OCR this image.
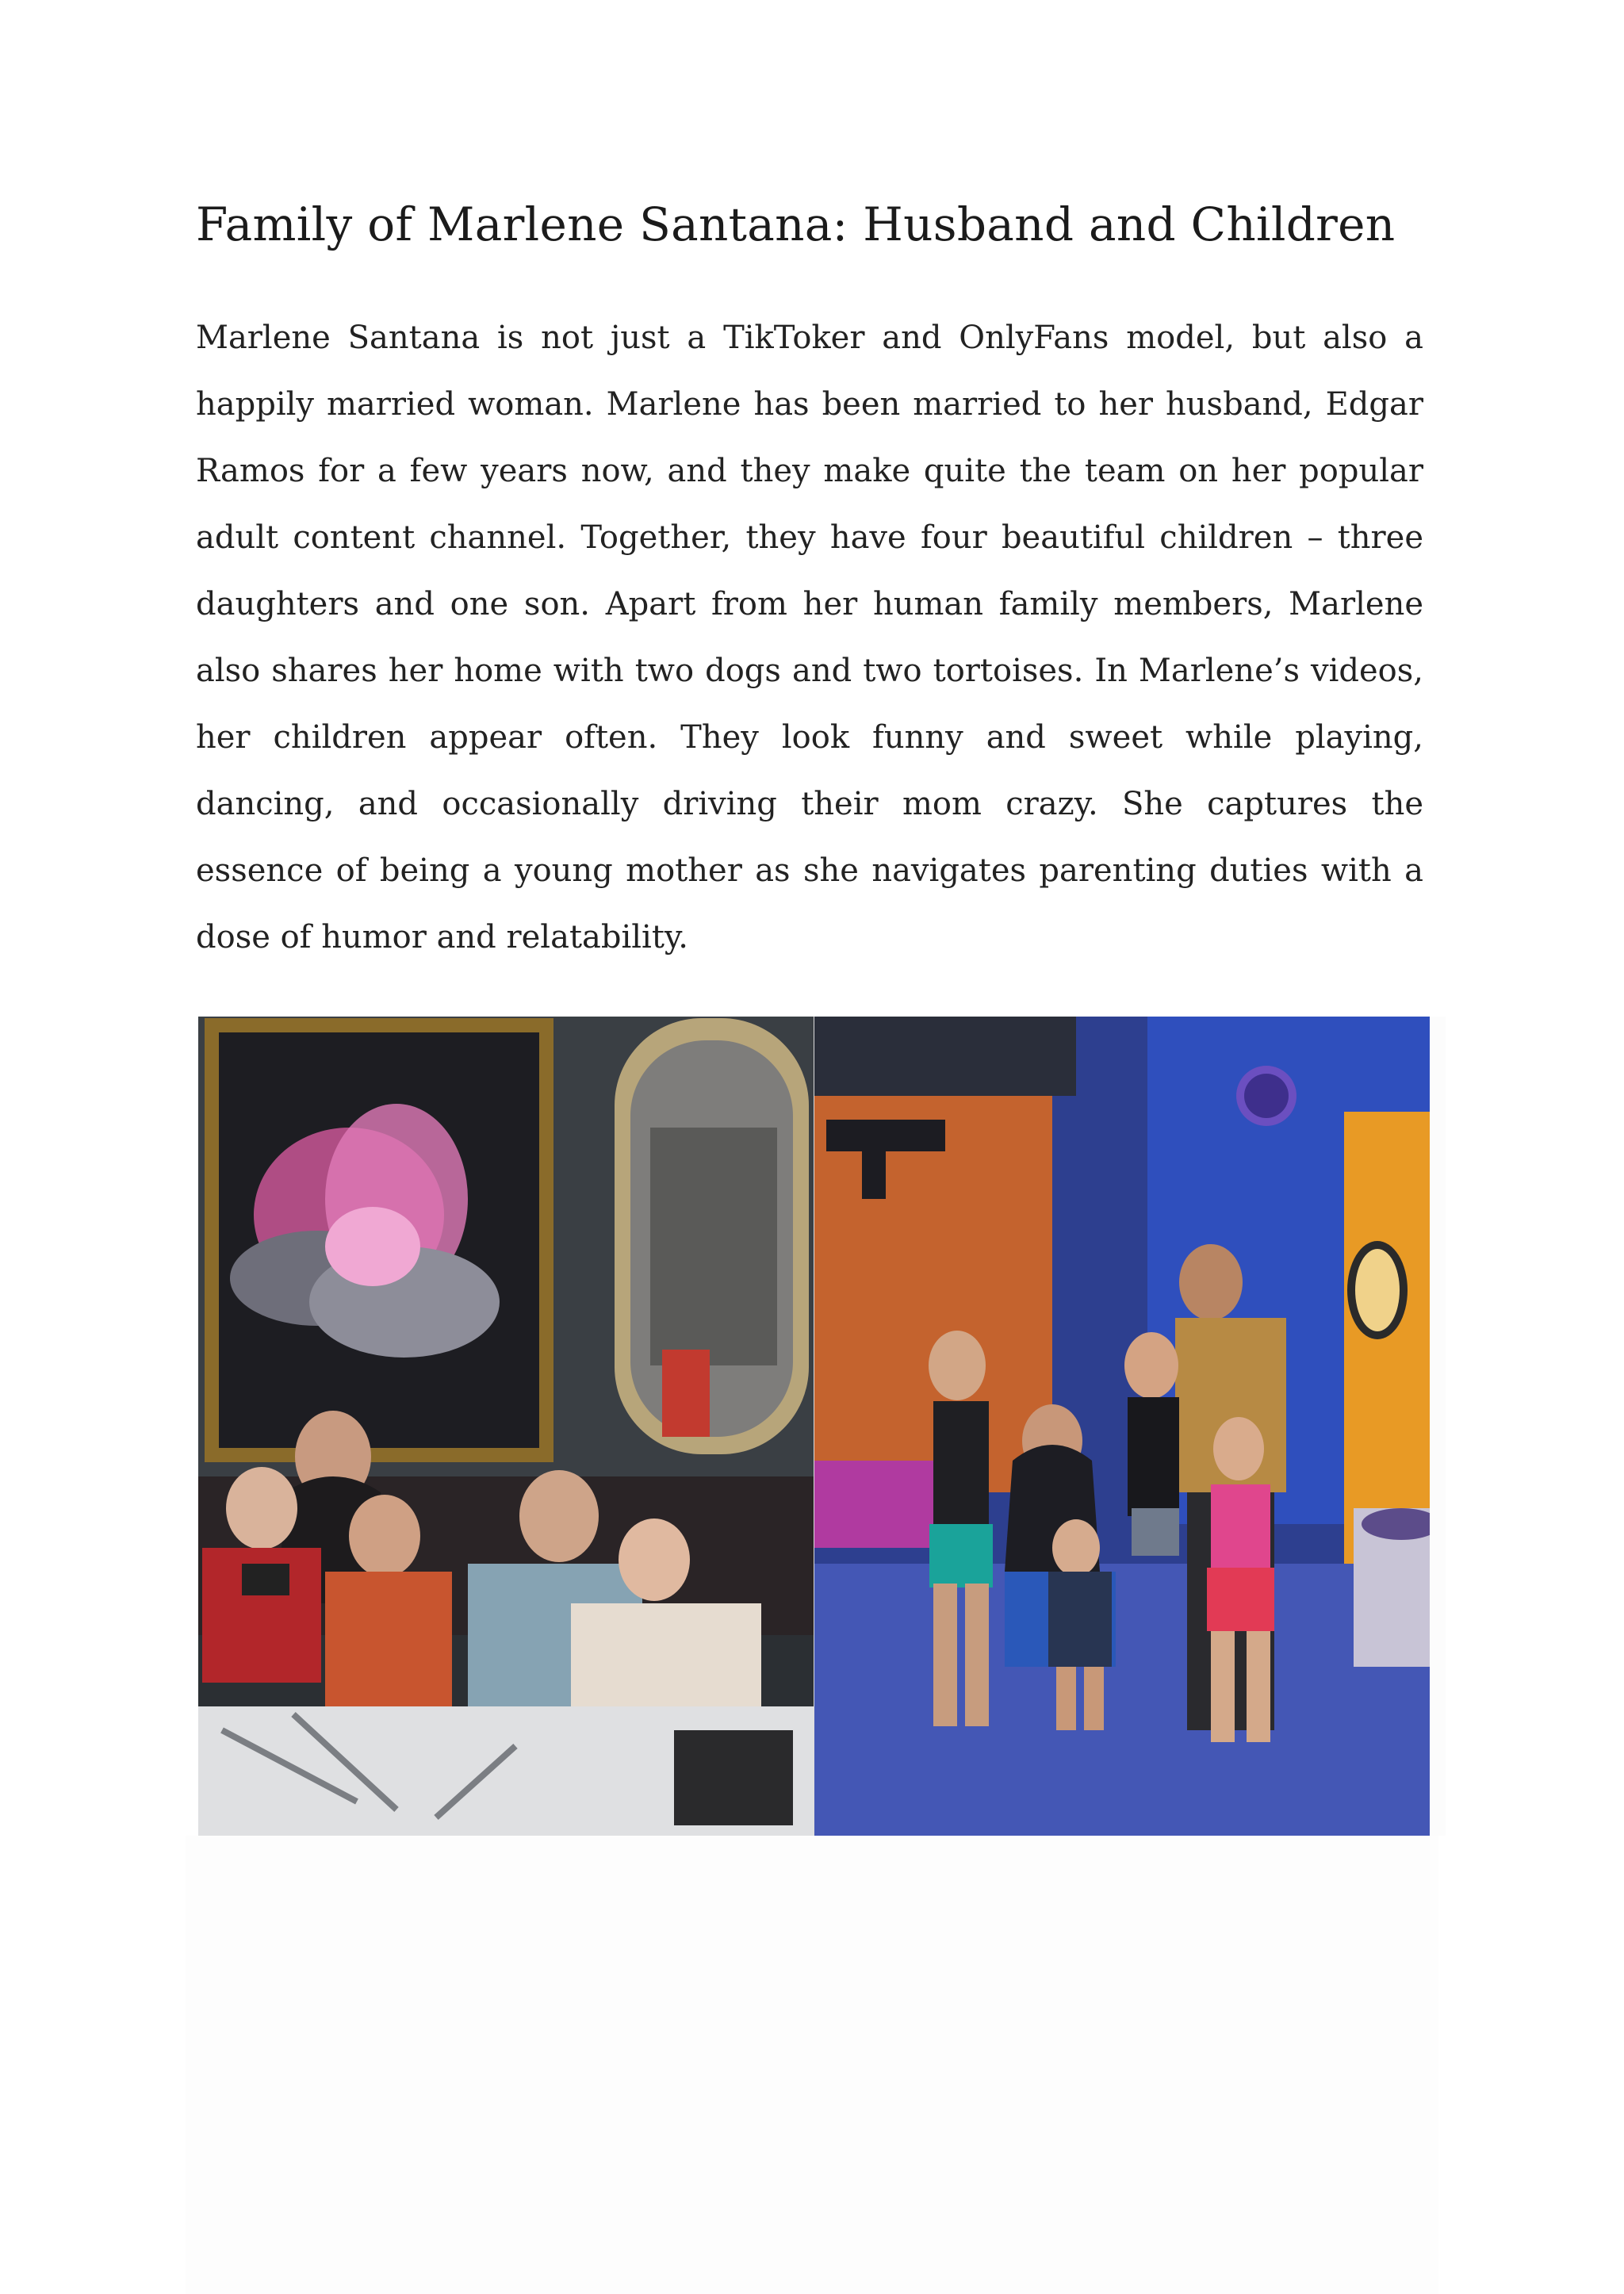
Family of Marlene Santana: Husband and Children

Marlene Santana is not just a TikToker and OnlyFans model, but also a happily married woman. Marlene has been married to her husband, Edgar Ramos for a few years now, and they make quite the team on her popular adult content channel. Together, they have four beautiful children – three daughters and one son. Apart from her human family members, Marlene also shares her home with two dogs and two tortoises. In Marlene’s videos, her children appear often. They look funny and sweet while playing, dancing, and occasionally driving their mom crazy. She captures the essence of being a young mother as she navigates parenting duties with a dose of humor and relatability.
